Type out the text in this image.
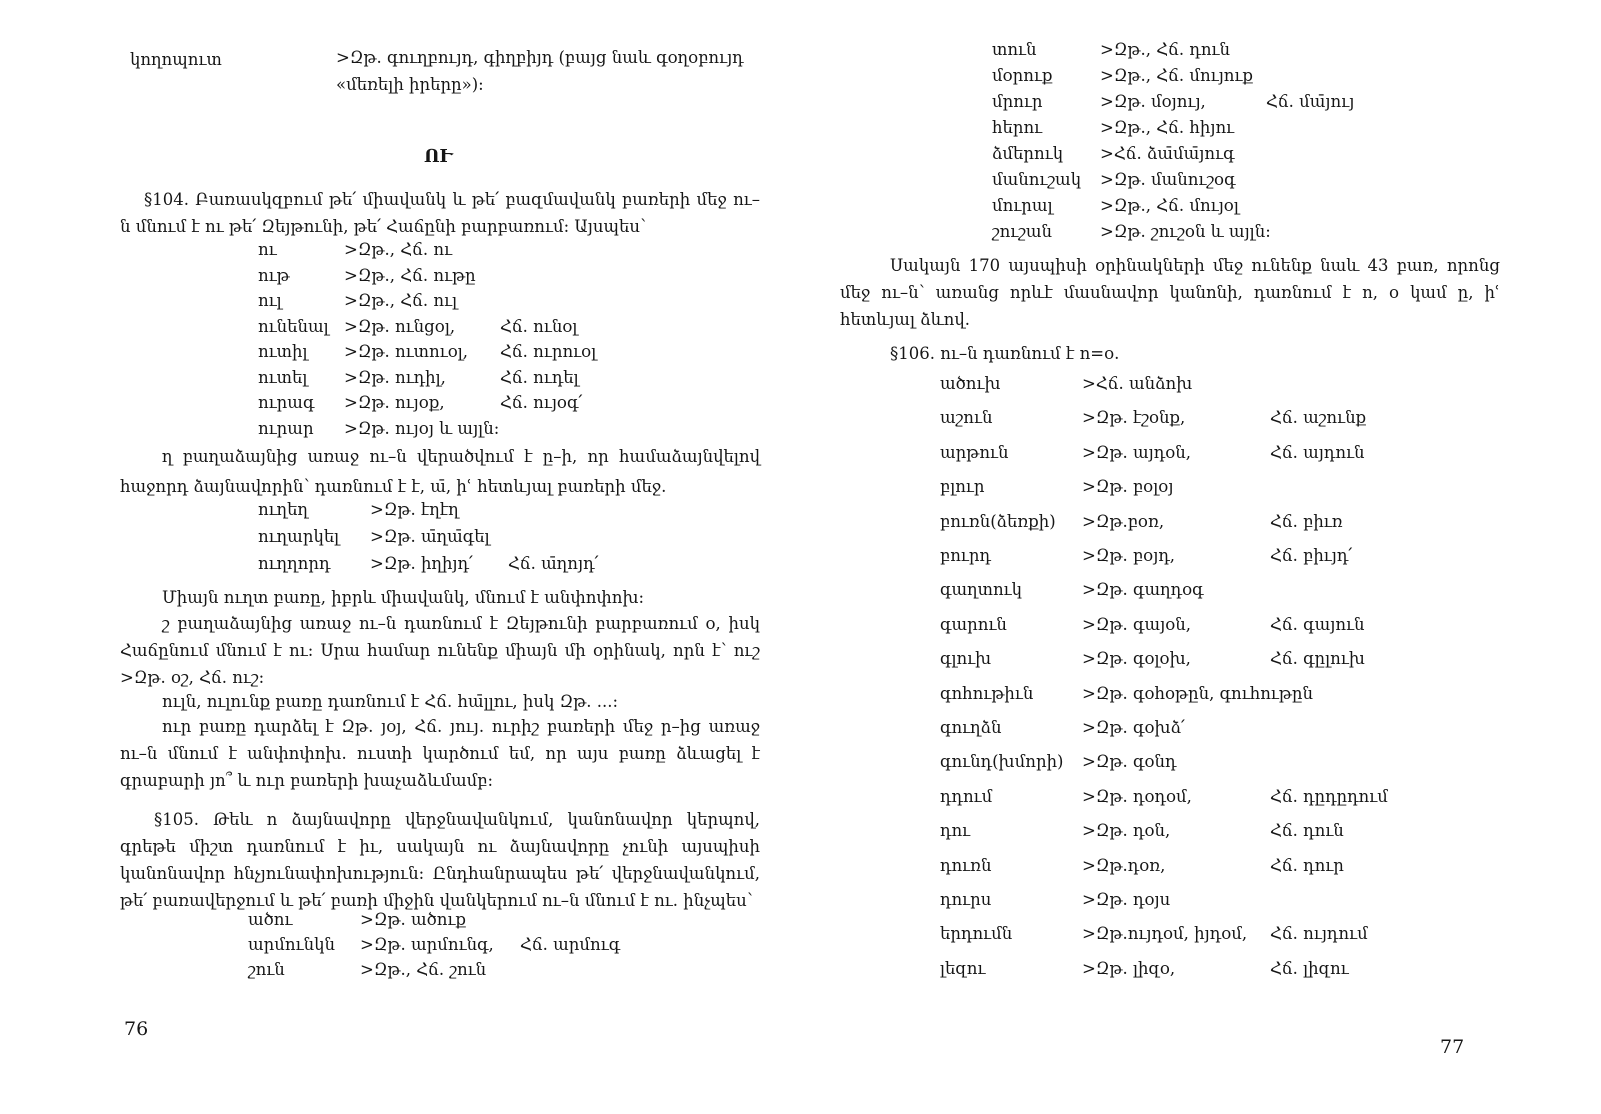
կողոպուտ	>Զթ. գուղբույդ, գիղբիյդ (բայց նաև գօղօբույդ
«մեռելի իրերը»):
ՈՒ
§104. Բառասկզբում թե՛ միավանկ և թե՛ բազմավանկ բառերի մեջ ու–ն մնում է ու թե՛ Զեյթունի, թե՛ Հաճընի բարբառում: Այսպես՝
ու	>Զթ., Հճ. ու
ութ	>Զթ., Հճ. ութը
ուլ	>Զթ., Հճ. ուլ
ունենալ >Զթ. ունցօլ,	Հճ. ունօլ
ուտիլ >Զթ. ուտուօլ, Հճ. ուրուօլ
ուտել >Զթ. ուդիլ,	Հճ. ուդել
ուրագ >Զթ. ույօք,	Հճ. ույօգ՛
ուրար >Զթ. ույօյ և այլն:
ղ բաղաձայնից առաջ ու–ն վերածվում է ը–ի, որ համաձայնվելով հաջորդ ձայնավորին՝ դառնում է է, ա̄, իՙ հետևյալ բառերի մեջ.
ուղեղ	>Զթ. էղէղ
ուղարկել >Զթ. ա̄ղա̄գել
ուղղորդ >Զթ. իղիյդ՛ Հճ. ա̄ղոյդ՛
Միայն ուղտ բառը, իբրև միավանկ, մնում է անփոփոխ:
շ բաղաձայնից առաջ ու–ն դառնում է Զեյթունի բարբառում օ, իսկ Հաճընում մնում է ու: Սրա համար ունենք միայն մի օրինակ, որն է՝ ուշ >Զթ. օշ, Հճ. ուշ:
ուլն, ուլունք բառը դառնում է Հճ. հա̄լլու, իսկ Զթ. ...:
ուր բառը դարձել է Զթ. յօյ, Հճ. յույ. ուրիշ բառերի մեջ ր–ից առաջ ու–ն մնում է անփոփոխ. ուստի կարծում եմ, որ այս բառը ձևացել է գրաբարի յո՞ և ուր բառերի խաչաձևմամբ:
§105. Թեև ո ձայնավորը վերջնավանկում, կանոնավոր կերպով, գրեթե միշտ դառնում է իւ, սակայն ու ձայնավորը չունի այսպիսի կանոնավոր հնչյունափոխություն: Ընդհանրապես թե՛ վերջնավանկում, թե՛ բառավերջում և թե՛ բառի միջին վանկերում ու–ն մնում է ու. ինչպես՝
ածու	>Զթ. ածուք
արմունկն >Զթ. արմունգ, Հճ. արմուգ
շուն	>Զթ., Հճ. շուն
76
տուն	>Զթ., Հճ. դուն
մօրուք	>Զթ., Հճ. մույուք
մրուր	>Զթ. մօյույ,	Հճ. մա̄յույ
հերու	>Զթ., Հճ. հիյու
ձմերուկ >Հճ. ձա̄մա̄յուգ
մանուշակ >Զթ. մանուշօգ
մուրալ	>Զթ., Հճ. մույօլ
շուշան	>Զթ. շուշօն և այլն:
Սակայն 170 այսպիսի օրինակների մեջ ունենք նաև 43 բառ, որոնց մեջ ու–ն՝ առանց որևէ մասնավոր կանոնի, դառնում է ո, օ կամ ը, իՙ հետևյալ ձևով.
§106. ու–ն դառնում է ո=օ.
ածուխ	>Հճ. անձոխ
աշուն	>Զթ. էշօնք,	Հճ. աշունք
արթուն	>Զթ. այդօն,	Հճ. այդուն
բլուր	>Զթ. բօլօյ
բուռն(ձեռքի) >Զթ.բօռ,	Հճ. բիւռ
բուրդ	>Զթ. բօյդ,	Հճ. բիւյդ՛
գաղտուկ	>Զթ. գաղդօգ
գարուն	>Զթ. գայօն,	Հճ. գայուն
գլուխ	>Զթ. գօլօխ,	Հճ. գըլուխ
գոհութիւն	>Զթ. գօհօթըն, գուհութըն
գուղձն	>Զթ. գօխձ՛
գունդ(խմորի) >Զթ. գօնդ
դդում	>Զթ. դօդօմ,	Հճ. դըդըդում
դու	>Զթ. դօն,	Հճ. դուն
դուռն	>Զթ.դօռ,	Հճ. դուր
դուրս	>Զթ. դօյս
երդումն	>Զթ.ույդօմ, իյդօմ, Հճ. ույդում
լեզու	>Զթ. լիզօ,	Հճ. լիզու
77
